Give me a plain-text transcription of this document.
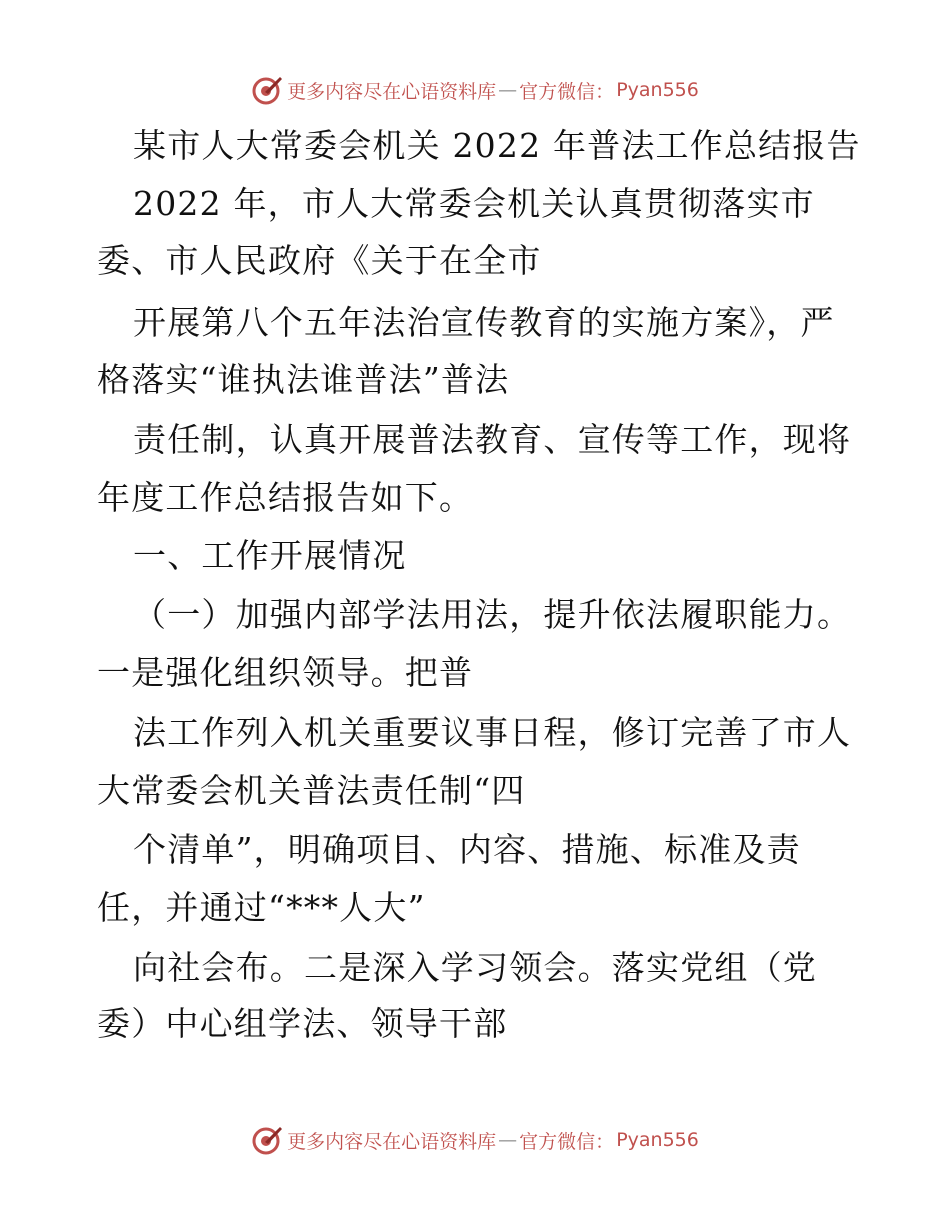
更多内容尽在心语资料库 — 官方微信： Pyan556
某市人大常委会机关 2022 年普法工作总结报告
2022 年，市人大常委会机关认真贯彻落实市
委、市人民政府《关于在全市
开展第八个五年法治宣传教育的实施方案》，严
格落实“谁执法谁普法”普法
责任制，认真开展普法教育、宣传等工作，现将
年度工作总结报告如下。
一、工作开展情况
（一）加强内部学法用法，提升依法履职能力。
一是强化组织领导。把普
法工作列入机关重要议事日程，修订完善了市人
大常委会机关普法责任制“四
个清单”，明确项目、内容、措施、标准及责
任，并通过“***人大”
向社会布。二是深入学习领会。落实党组（党
委）中心组学法、领导干部
更多内容尽在心语资料库 — 官方微信： Pyan556
